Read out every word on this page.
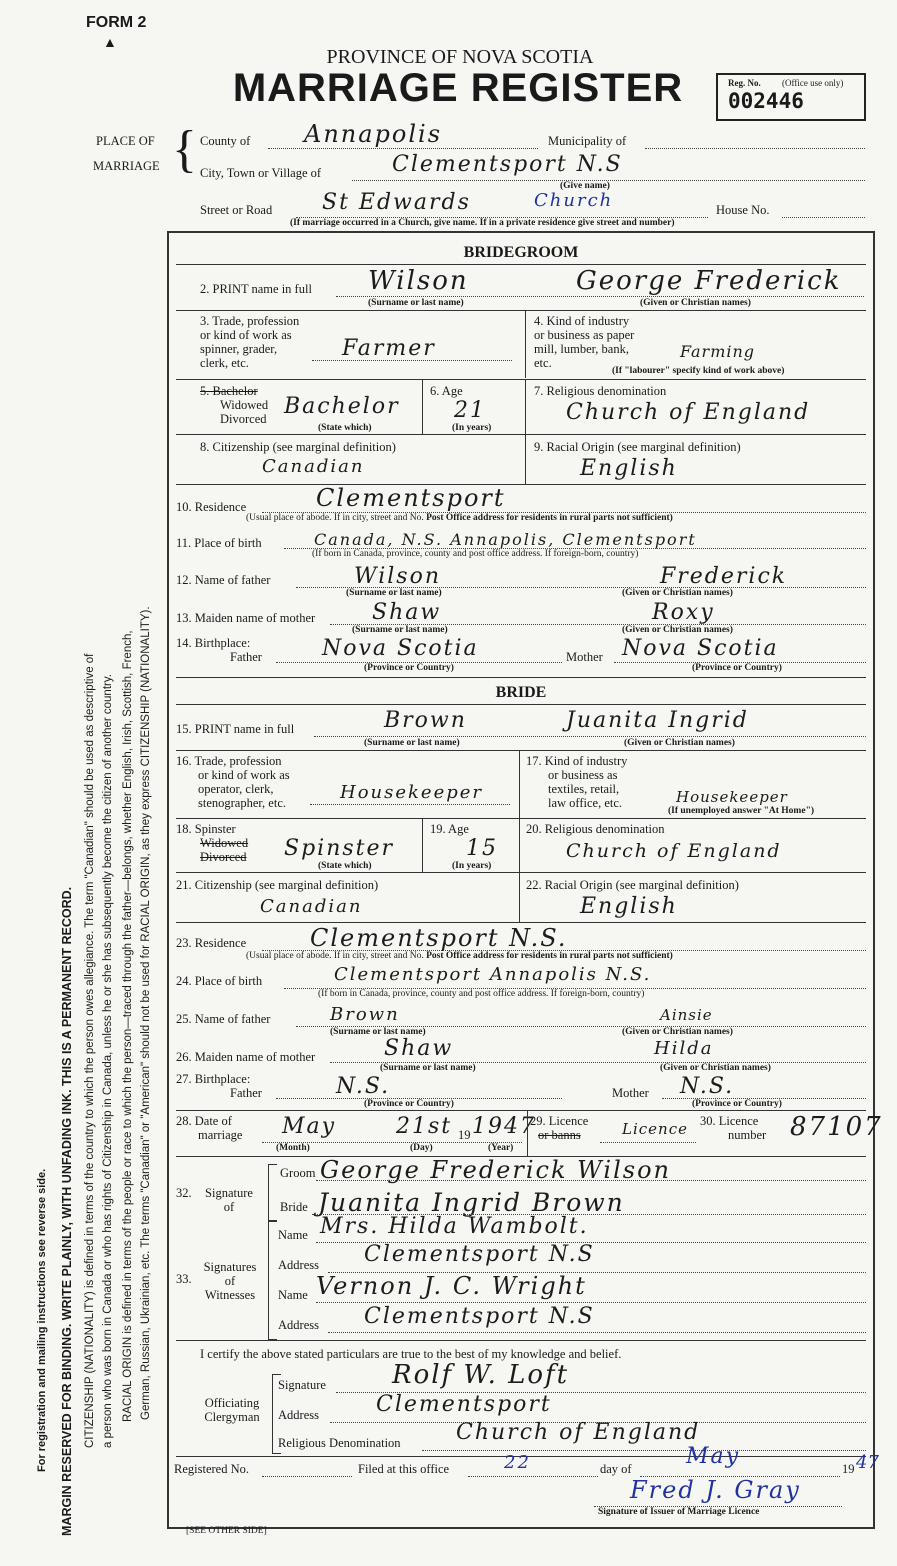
FORM 2
▲
PROVINCE OF NOVA SCOTIA
MARRIAGE REGISTER	Reg. No. (Office use only)
002446
PLACE OF
MARRIAGE { County of Annapolis	Municipality of
City, Town or Village of	Clementsport N.S
Street or Road St Edwards	Church
(Give name)
House No.
(If marriage occurred in a Church, give name. If in a private residence give street and number)
BRIDEGROOM
2. PRINT name in full Wilson	George Frederick
(Surname or last name)	(Given or Christian names)
3. Trade, profession
or kind of work as
spinner, grader,
clerk, etc.
Farmer
4. Kind of industry
or business as paper
mill, lumber, bank,
etc.
Farming
(If "labourer" specify kind of work above)
5. Bachelor
Widowed
Divorced Bachelor
(State which)
6. Age
21
(In years)
7. Religious denomination
Church of England
8. Citizenship (see marginal definition)
Canadian
9. Racial Origin (see marginal definition)
English
10. Residence	Clementsport
(Usual place of abode. If in city, street and No. Post Office address for residents in rural parts not sufficient)
11. Place of birth	Canada, N.S. Annapolis, Clementsport
(If born in Canada, province, county and post office address. If foreign-born, country)
12. Name of father	Wilson	Frederick
(Surname or last name)	(Given or Christian names)
13. Maiden name of mother	Shaw	Roxy
(Surname or last name)	(Given or Christian names)
14. Birthplace:
Father	Nova Scotia	Mother Nova Scotia
(Province or Country)	(Province or Country)
BRIDE
15. PRINT name in full	Brown	Juanita Ingrid
(Surname or last name)	(Given or Christian names)
16. Trade, profession
or kind of work as
operator, clerk,
stenographer, etc.	Housekeeper
17. Kind of industry
or business as
textiles, retail,
law office, etc.	Housekeeper
(If unemployed answer "At Home")
18. Spinster
Widowed
Divorced Spinster
(State which)
19. Age
15
(In years)
20. Religious denomination
Church of England
21. Citizenship (see marginal definition)
Canadian
22. Racial Origin (see marginal definition)
English
23. Residence	Clementsport N.S.
(Usual place of abode. If in city, street and No. Post Office address for residents in rural parts not sufficient)
24. Place of birth	Clementsport Annapolis N.S.
(If born in Canada, province, county and post office address. If foreign-born, country)
25. Name of father	Brown	Ainsie
(Surname or last name)	(Given or Christian names)
26. Maiden name of mother	Shaw	Hilda
(Surname or last name)	(Given or Christian names)
27. Birthplace:
Father	N.S.	Mother N.S.
(Province or Country)	(Province or Country)
28. Date of
marriage May	21st 19 1947
(Month)	(Day)	(Year)
29. Licence
or banns	Licence 30. Licence
number 87107
32.	Signature
of
Groom George Frederick Wilson
Bride Juanita Ingrid Brown
33.
Signatures
of
Witnesses
Name Mrs. Hilda Wambolt.
Address Clementsport N.S
Name Vernon J. C. Wright
Address Clementsport N.S
I certify the above stated particulars are true to the best of my knowledge and belief.
Officiating
Clergyman
Signature	Rolf W. Loft
Address	Clementsport
Religious Denomination	Church of England
Registered No.	Filed at this office	22	day of May	19 47
Fred J. Gray
Signature of Issuer of Marriage Licence
[SEE OTHER SIDE]
For registration and mailing instructions see reverse side. MARGIN RESERVED FOR BINDING. WRITE PLAINLY, WITH UNFADING INK. THIS IS A PERMANENT RECORD. CITIZENSHIP (NATIONALITY) is defined in terms of the country to which the person owes allegiance. The term "Canadian" should be used as descriptive of a person who was born in Canada or who has rights of Citizenship in Canada, unless he or she has subsequently become the citizen of another country. RACIAL ORIGIN is defined in terms of the people or race to which the person—traced through the father—belongs, whether English, Irish, Scottish, French, German, Russian, Ukrainian, etc. The terms "Canadian" or "American" should not be used for RACIAL ORIGIN, as they express CITIZENSHIP (NATIONALITY).
